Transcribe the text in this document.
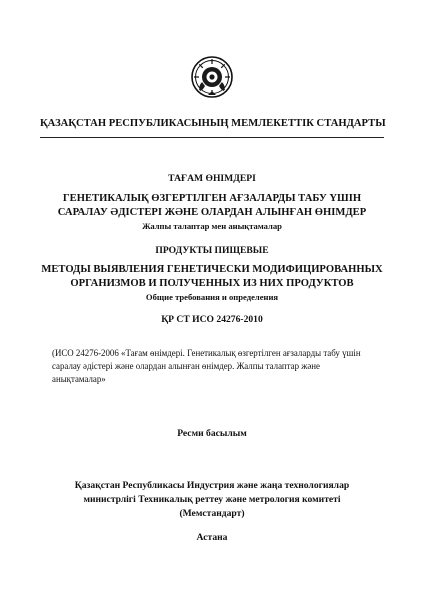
ҚАЗАҚСТАН РЕСПУБЛИКАСЫНЫҢ МЕМЛЕКЕТТІК СТАНДАРТЫ
ТАҒАМ ӨНІМДЕРІ
ГЕНЕТИКАЛЫҚ ӨЗГЕРТІЛГЕН АҒЗАЛАРДЫ ТАБУ ҮШІН
САРАЛАУ ӘДІСТЕРІ ЖӘНЕ ОЛАРДАН АЛЫНҒАН ӨНІМДЕР
Жалпы талаптар мен анықтамалар
ПРОДУКТЫ ПИЩЕВЫЕ
МЕТОДЫ ВЫЯВЛЕНИЯ ГЕНЕТИЧЕСКИ МОДИФИЦИРОВАННЫХ
ОРГАНИЗМОВ И ПОЛУЧЕННЫХ ИЗ НИХ ПРОДУКТОВ
Общие требования и определения
ҚР СТ ИСО 24276-2010
(ИСО 24276-2006 «Тағам өнімдері. Генетикалық өзгертілген ағзаларды табу үшін саралау әдістері және олардан алынған өнімдер. Жалпы талаптар және анықтамалар»
Ресми басылым
Қазақстан Республикасы Индустрия және жаңа технологиялар
министрлігі Техникалық реттеу және метрология комитеті
(Мемстандарт)
Астана
